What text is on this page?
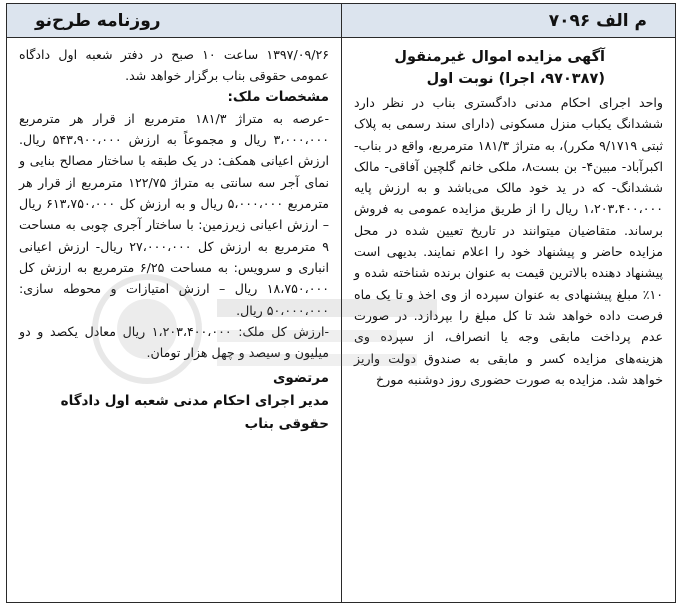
م الف ۷۰۹۶
روزنامه طرح‌نو
آگهی مزایده اموال غیرمنقول
(۹۷۰۳۸۷، اجرا) نوبت اول
واحد اجرای احکام مدنی دادگستری بناب در نظر دارد ششدانگ یکباب منزل مسکونی (دارای سند رسمی به پلاک ثبتی ۹/۱۷۱۹ مکرر)، به متراژ ۱۸۱/۳ مترمربع، واقع در بناب- اکبرآباد- مبین۴- بن بست۸، ملکی خانم گلچین آفاقی- مالک ششدانگ- که در ید خود مالک می‌باشد و به ارزش پایه ۱،۲۰۳،۴۰۰،۰۰۰ ریال را از طریق مزایده عمومی به فروش برساند. متقاضیان میتوانند در تاریخ تعیین شده در محل مزایده حاضر و پیشنهاد خود را اعلام نمایند. بدیهی است پیشنهاد دهنده بالاترین قیمت به عنوان برنده شناخته شده و ۱۰٪ مبلغ پیشنهادی به عنوان سپرده از وی اخذ و تا یک ماه فرصت داده خواهد شد تا کل مبلغ را بپردازد. در صورت عدم پرداخت مابقی وجه یا انصراف، از سپرده وی هزینه‌های مزایده کسر و مابقی به صندوق دولت واریز خواهد شد. مزایده به صورت حضوری روز دوشنبه مورخ
۱۳۹۷/۰۹/۲۶ ساعت ۱۰ صبح در دفتر شعبه اول دادگاه عمومی حقوقی بناب برگزار خواهد شد.
مشخصات ملک:
-عرصه به متراژ ۱۸۱/۳ مترمربع از قرار هر مترمربع ۳،۰۰۰،۰۰۰ ریال و مجموعاً به ارزش ۵۴۳،۹۰۰،۰۰۰ ریال. ارزش اعیانی همکف: در یک طبقه با ساختار مصالح بنایی و نمای آجر سه سانتی به متراژ ۱۲۲/۷۵ مترمربع از قرار هر مترمربع ۵،۰۰۰،۰۰۰ ریال و به ارزش کل ۶۱۳،۷۵۰،۰۰۰ ریال – ارزش اعیانی زیرزمین: با ساختار آجری چوبی به مساحت ۹ مترمربع به ارزش کل ۲۷،۰۰۰،۰۰۰ ریال- ارزش اعیانی انباری و سرویس: به مساحت ۶/۲۵ مترمربع به ارزش کل ۱۸،۷۵۰،۰۰۰ ریال – ارزش امتیازات و محوطه سازی: ۵۰،۰۰۰،۰۰۰ ریال.
-ارزش کل ملک: ۱،۲۰۳،۴۰۰،۰۰۰ ریال معادل یکصد و دو میلیون و سیصد و چهل هزار تومان.
مرتضوی
مدیر اجرای احکام مدنی شعبه اول دادگاه
حقوقی بناب
